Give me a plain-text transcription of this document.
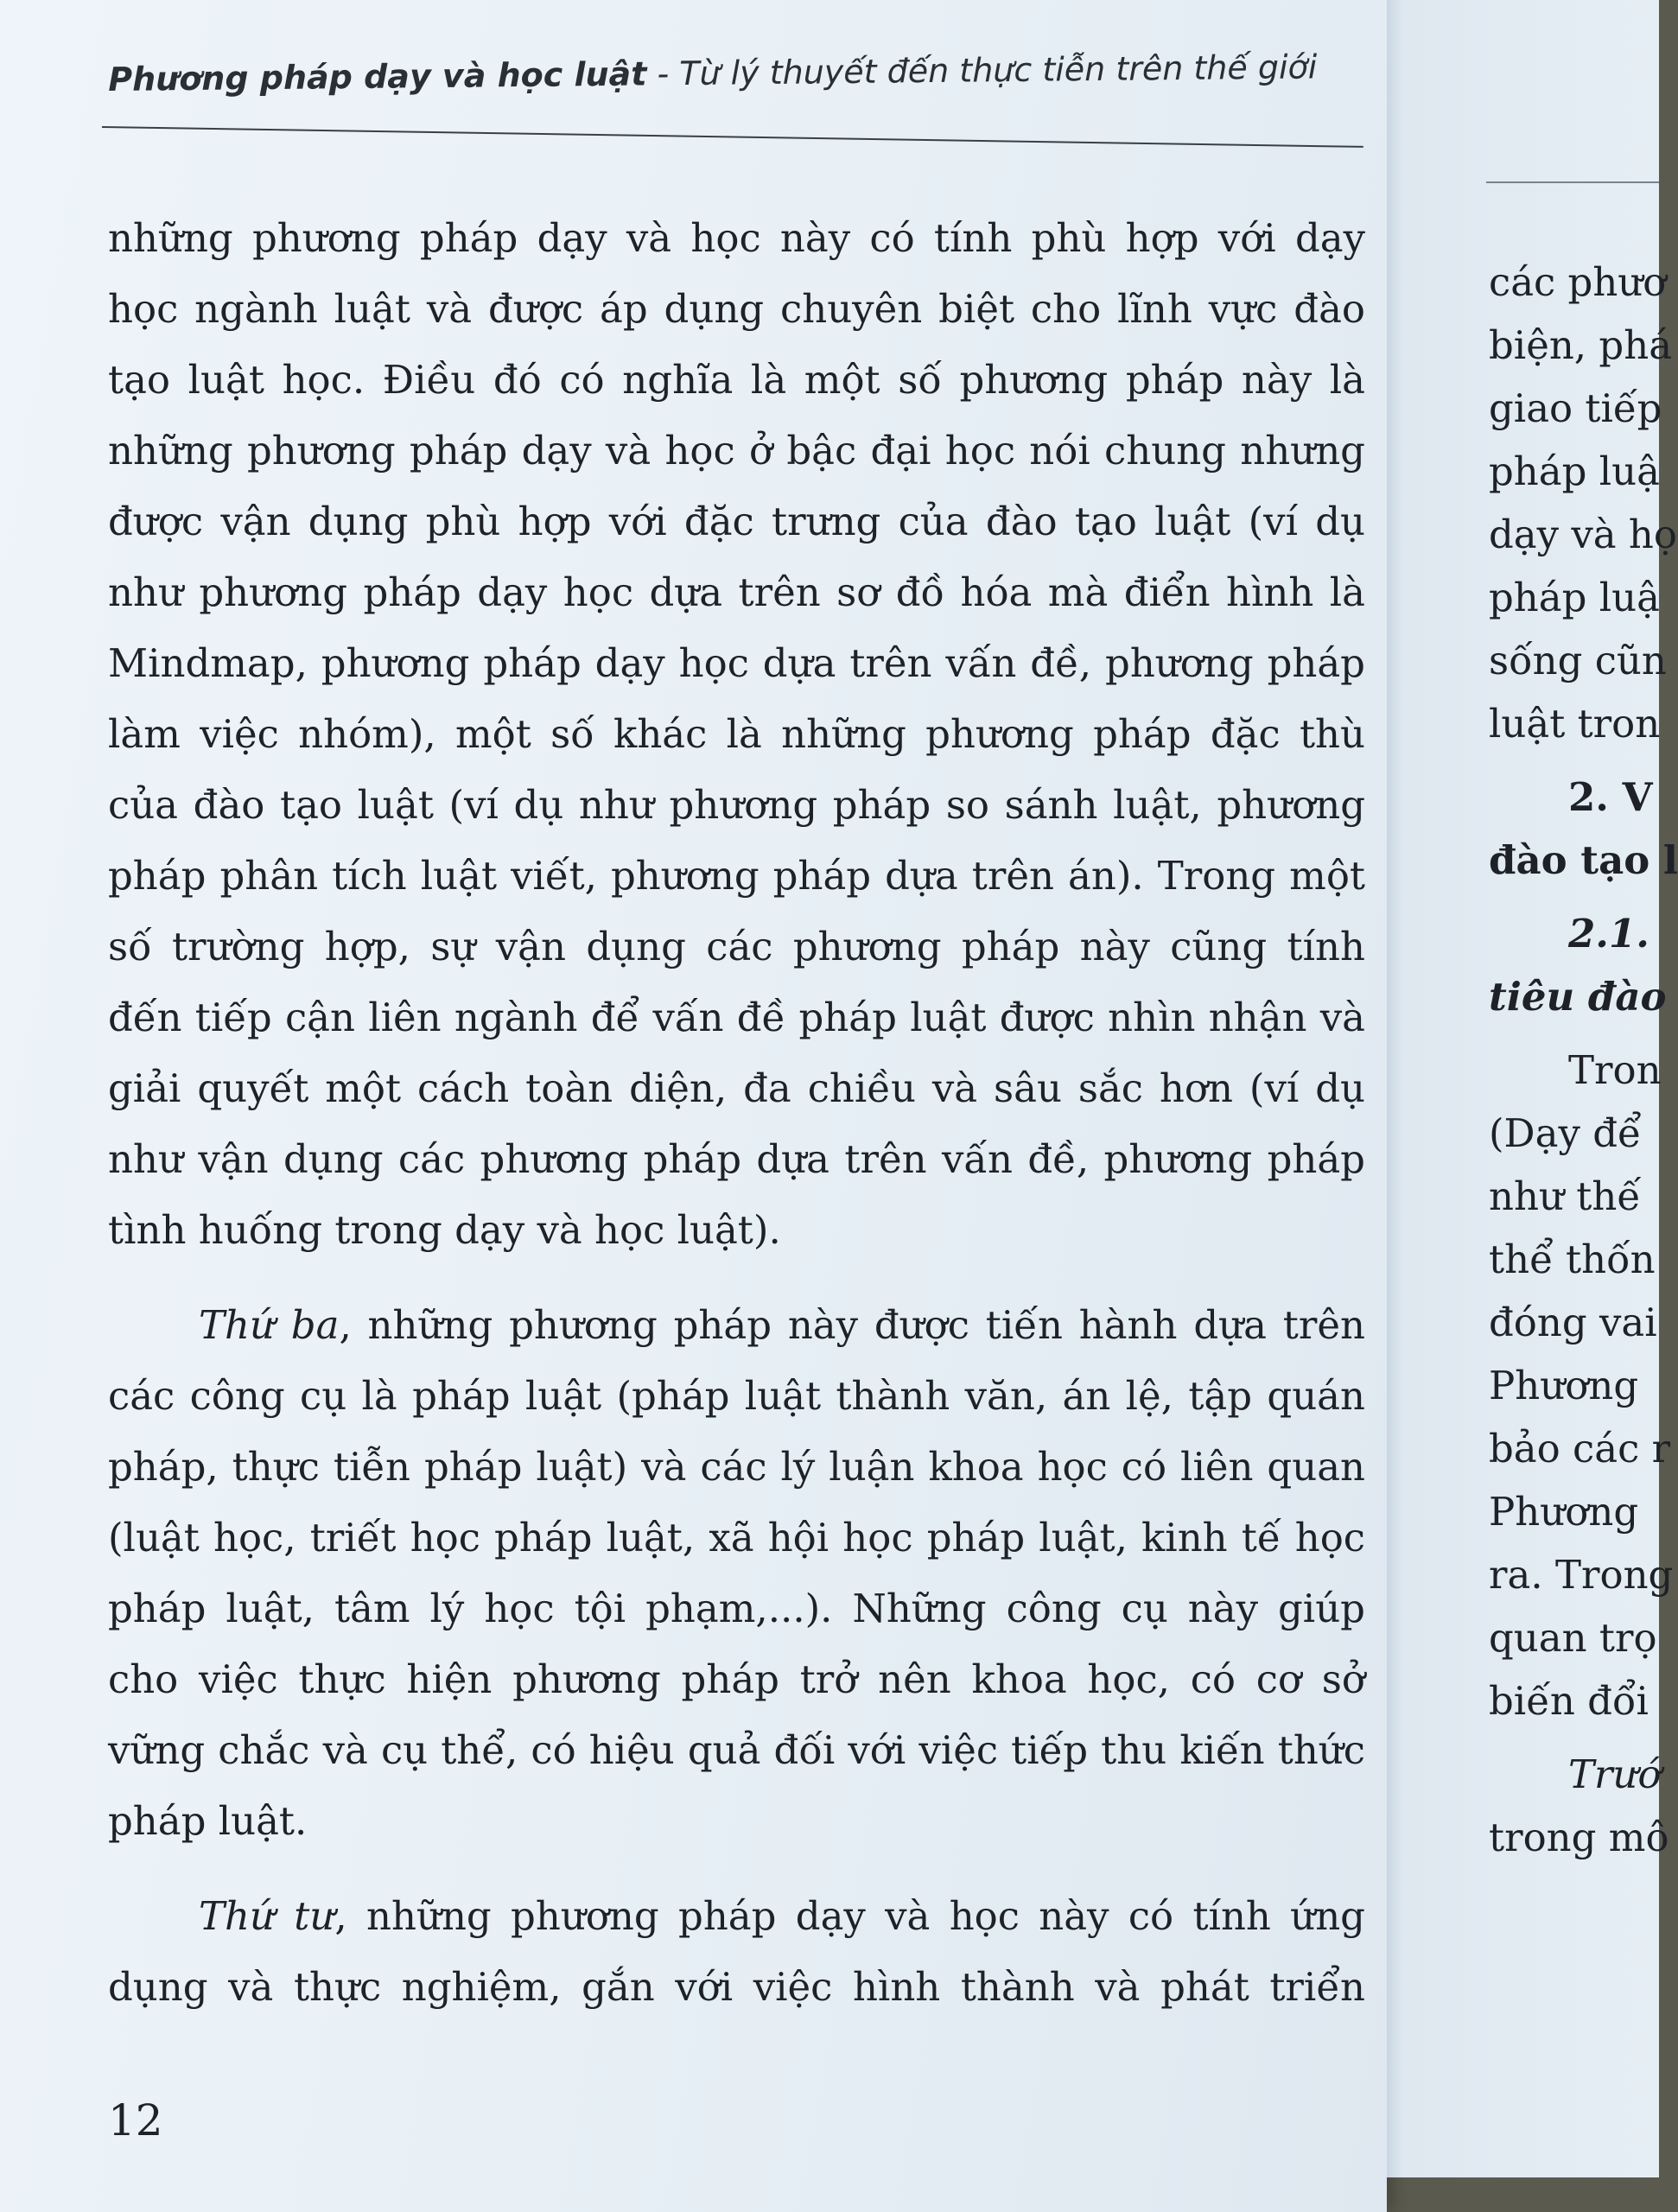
Phương pháp dạy và học luật - Từ lý thuyết đến thực tiễn trên thế giới
những phương pháp dạy và học này có tính phù hợp với dạy
học ngành luật và được áp dụng chuyên biệt cho lĩnh vực đào
tạo luật học. Điều đó có nghĩa là một số phương pháp này là
những phương pháp dạy và học ở bậc đại học nói chung nhưng
được vận dụng phù hợp với đặc trưng của đào tạo luật (ví dụ
như phương pháp dạy học dựa trên sơ đồ hóa mà điển hình là
Mindmap, phương pháp dạy học dựa trên vấn đề, phương pháp
làm việc nhóm), một số khác là những phương pháp đặc thù
của đào tạo luật (ví dụ như phương pháp so sánh luật, phương
pháp phân tích luật viết, phương pháp dựa trên án). Trong một
số trường hợp, sự vận dụng các phương pháp này cũng tính
đến tiếp cận liên ngành để vấn đề pháp luật được nhìn nhận và
giải quyết một cách toàn diện, đa chiều và sâu sắc hơn (ví dụ
như vận dụng các phương pháp dựa trên vấn đề, phương pháp
tình huống trong dạy và học luật).
Thứ ba, những phương pháp này được tiến hành dựa trên
các công cụ là pháp luật (pháp luật thành văn, án lệ, tập quán
pháp, thực tiễn pháp luật) và các lý luận khoa học có liên quan
(luật học, triết học pháp luật, xã hội học pháp luật, kinh tế học
pháp luật, tâm lý học tội phạm,...). Những công cụ này giúp
cho việc thực hiện phương pháp trở nên khoa học, có cơ sở
vững chắc và cụ thể, có hiệu quả đối với việc tiếp thu kiến thức
pháp luật.
Thứ tư, những phương pháp dạy và học này có tính ứng
dụng và thực nghiệm, gắn với việc hình thành và phát triển
12
các phươ
biện, phá
giao tiếp
pháp luậ
dạy và họ
pháp luậ
sống cũn
luật tron
2. V
đào tạo l
2.1.
tiêu đào
Tron
(Dạy để
như thế
thể thốn
đóng vai
Phương
bảo các r
Phương
ra. Trong
quan trọ
biến đổi
Trướ
trong mô
